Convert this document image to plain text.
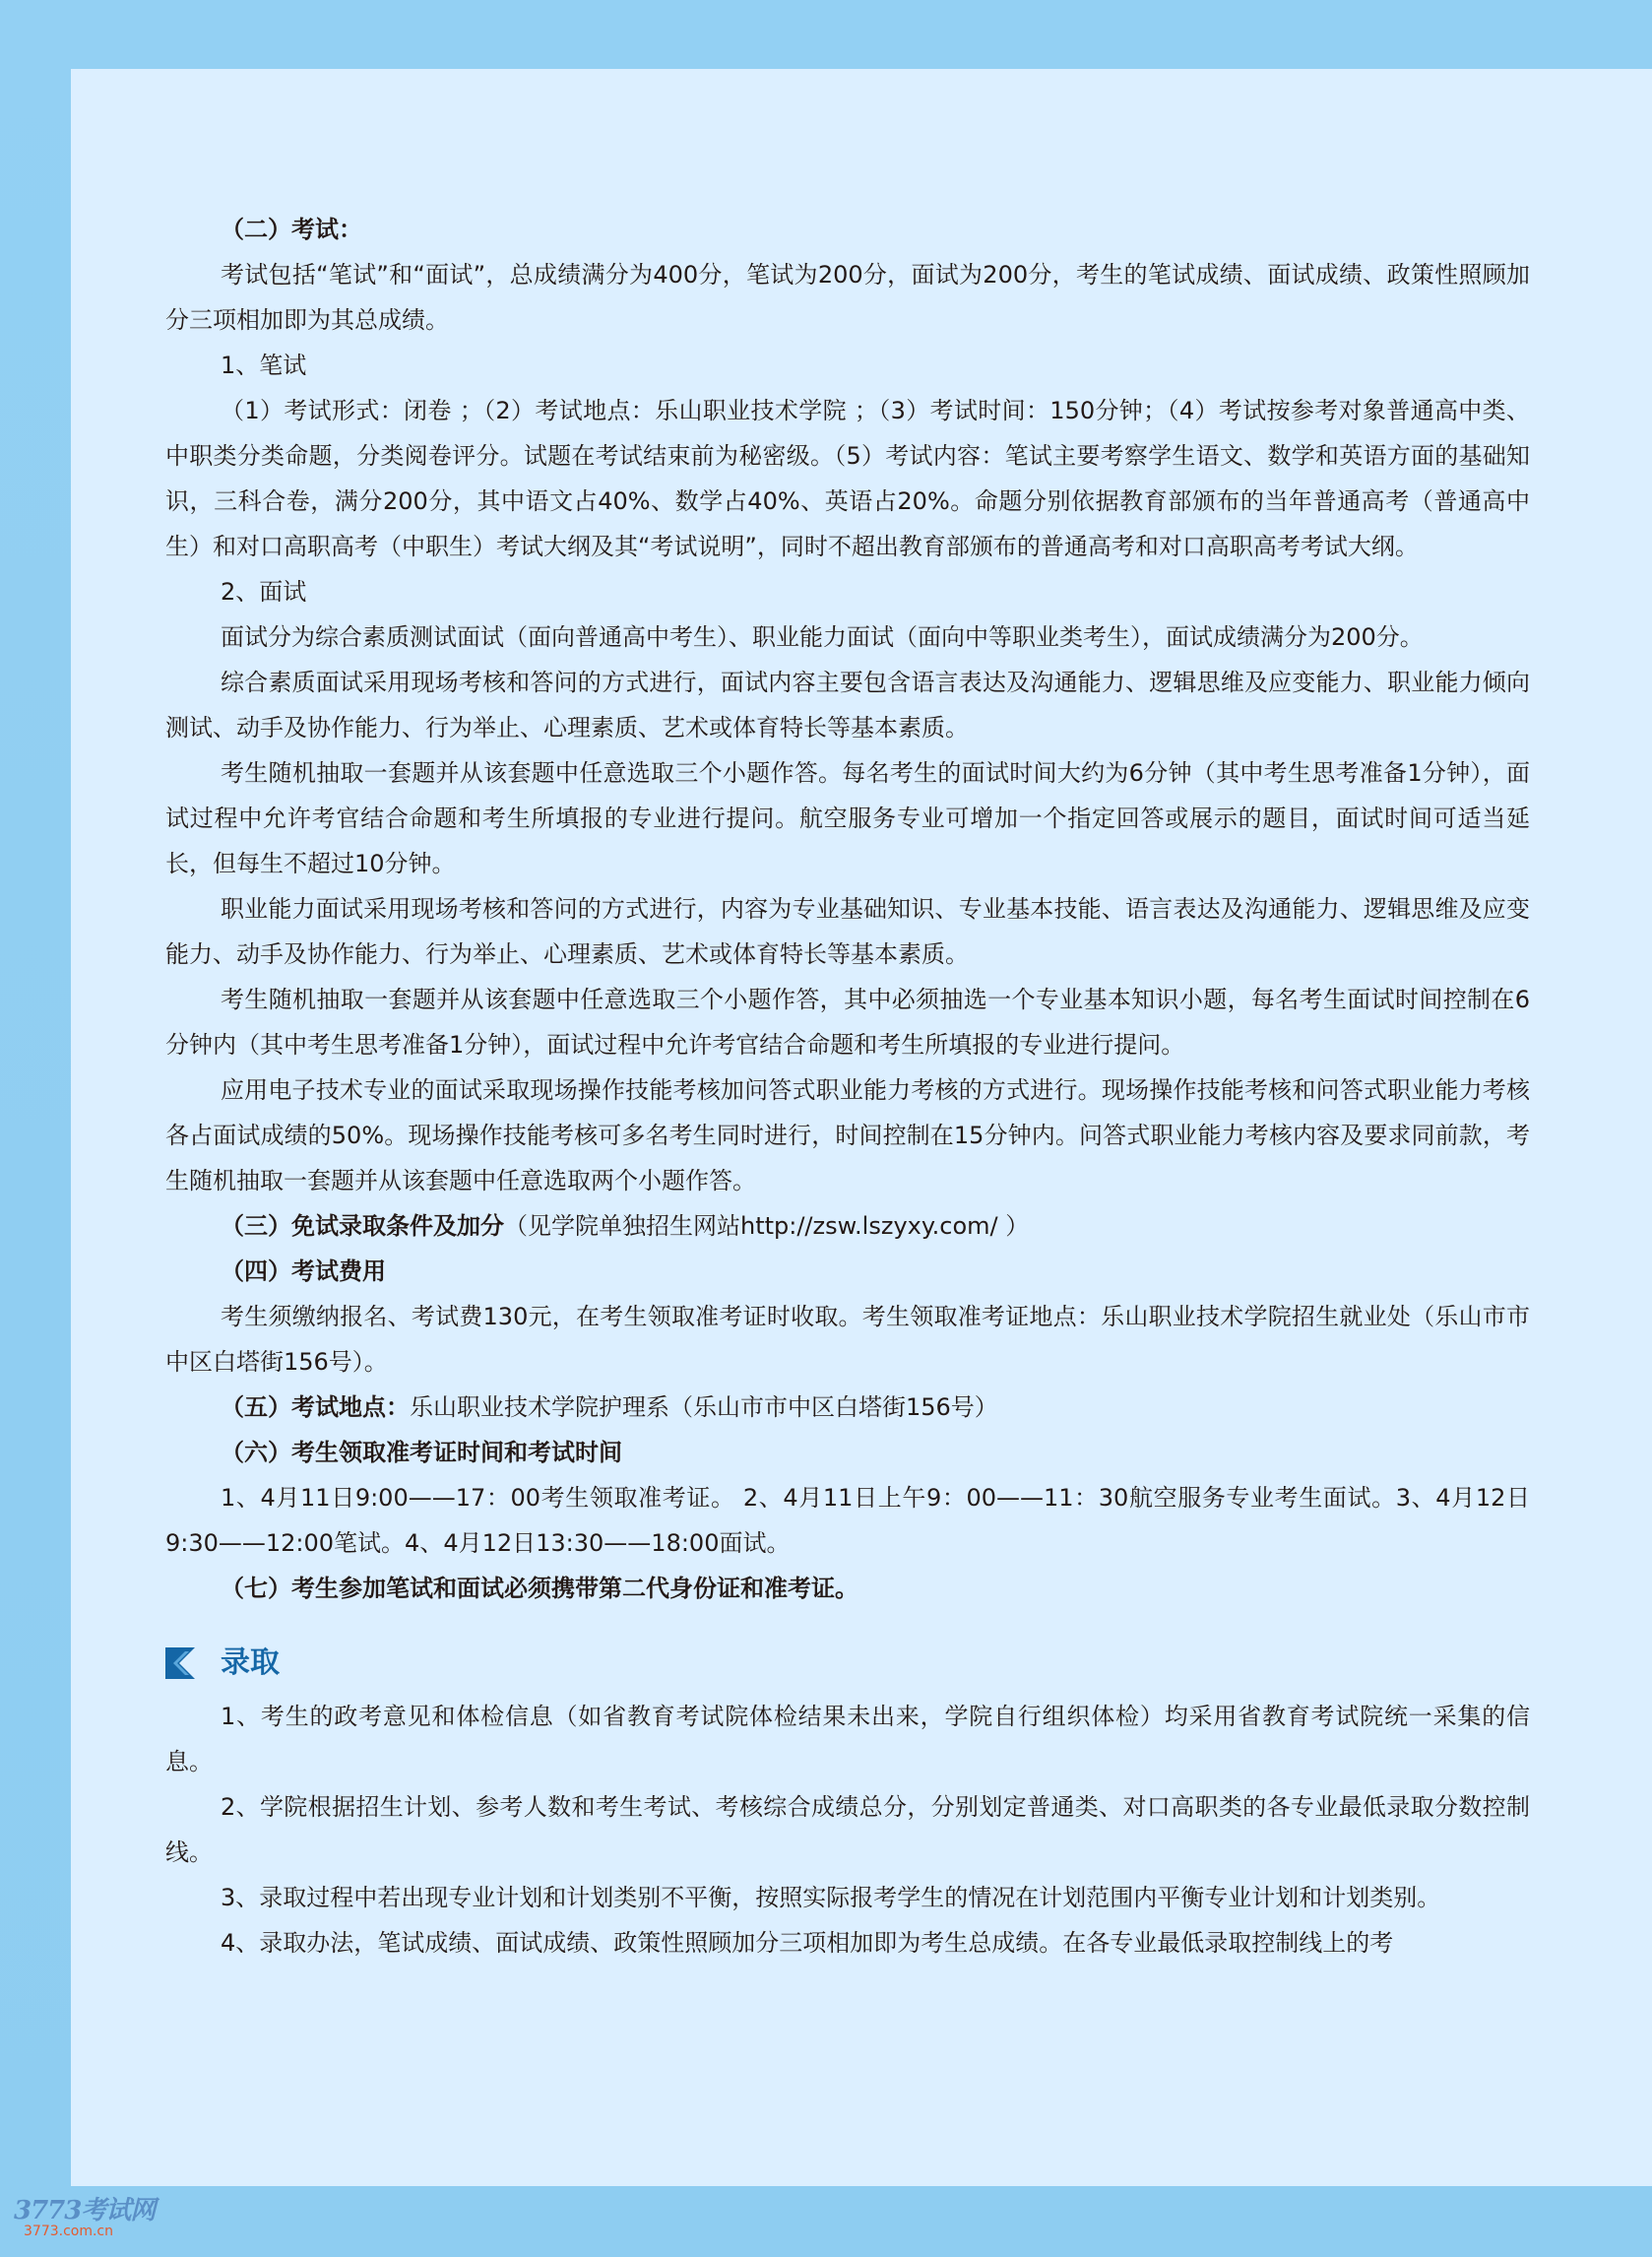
（二）考试：

考试包括“笔试”和“面试”，总成绩满分为400分，笔试为200分，面试为200分，考生的笔试成绩、面试成绩、政策性照顾加分三项相加即为其总成绩。

1、笔试

（1）考试形式：闭卷 ；（2）考试地点：乐山职业技术学院 ；（3）考试时间：150分钟；（4）考试按参考对象普通高中类、中职类分类命题，分类阅卷评分。试题在考试结束前为秘密级。（5）考试内容：笔试主要考察学生语文、数学和英语方面的基础知识，三科合卷，满分200分，其中语文占40%、数学占40%、英语占20%。命题分别依据教育部颁布的当年普通高考（普通高中生）和对口高职高考（中职生）考试大纲及其“考试说明”，同时不超出教育部颁布的普通高考和对口高职高考考试大纲。

2、面试

面试分为综合素质测试面试（面向普通高中考生）、职业能力面试（面向中等职业类考生），面试成绩满分为200分。

综合素质面试采用现场考核和答问的方式进行，面试内容主要包含语言表达及沟通能力、逻辑思维及应变能力、职业能力倾向测试、动手及协作能力、行为举止、心理素质、艺术或体育特长等基本素质。

考生随机抽取一套题并从该套题中任意选取三个小题作答。每名考生的面试时间大约为6分钟（其中考生思考准备1分钟），面试过程中允许考官结合命题和考生所填报的专业进行提问。航空服务专业可增加一个指定回答或展示的题目，面试时间可适当延长，但每生不超过10分钟。

职业能力面试采用现场考核和答问的方式进行，内容为专业基础知识、专业基本技能、语言表达及沟通能力、逻辑思维及应变能力、动手及协作能力、行为举止、心理素质、艺术或体育特长等基本素质。

考生随机抽取一套题并从该套题中任意选取三个小题作答，其中必须抽选一个专业基本知识小题，每名考生面试时间控制在6分钟内（其中考生思考准备1分钟），面试过程中允许考官结合命题和考生所填报的专业进行提问。

应用电子技术专业的面试采取现场操作技能考核加问答式职业能力考核的方式进行。现场操作技能考核和问答式职业能力考核各占面试成绩的50%。现场操作技能考核可多名考生同时进行，时间控制在15分钟内。问答式职业能力考核内容及要求同前款，考生随机抽取一套题并从该套题中任意选取两个小题作答。

（三）免试录取条件及加分（见学院单独招生网站http://zsw.lszyxy.com/ ）

（四）考试费用

考生须缴纳报名、考试费130元，在考生领取准考证时收取。考生领取准考证地点：乐山职业技术学院招生就业处（乐山市市中区白塔街156号）。

（五）考试地点：乐山职业技术学院护理系（乐山市市中区白塔街156号）

（六）考生领取准考证时间和考试时间

1、4月11日9:00——17：00考生领取准考证。 2、4月11日上午9：00——11：30航空服务专业考生面试。3、4月12日9:30——12:00笔试。4、4月12日13:30——18:00面试。

（七）考生参加笔试和面试必须携带第二代身份证和准考证。

录取

1、考生的政考意见和体检信息（如省教育考试院体检结果未出来，学院自行组织体检）均采用省教育考试院统一采集的信息。

2、学院根据招生计划、参考人数和考生考试、考核综合成绩总分，分别划定普通类、对口高职类的各专业最低录取分数控制线。

3、录取过程中若出现专业计划和计划类别不平衡，按照实际报考学生的情况在计划范围内平衡专业计划和计划类别。

4、录取办法，笔试成绩、面试成绩、政策性照顾加分三项相加即为考生总成绩。在各专业最低录取控制线上的考

3773考试网
3773.com.cn
